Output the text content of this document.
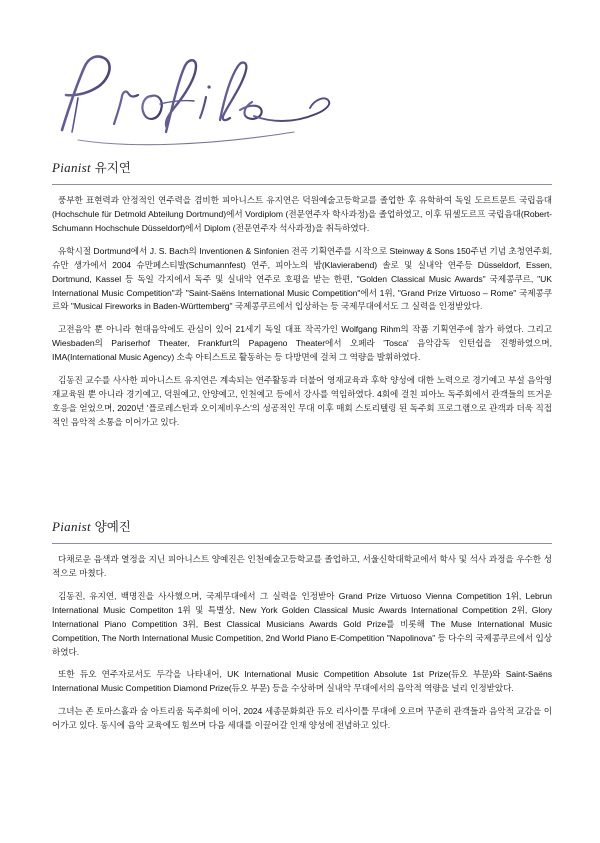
Pianist 유지연

풍부한 표현력과 안정적인 연주력을 겸비한 피아니스트 유지연은 덕원예술고등학교를 졸업한 후 유학하여 독일 도르트문트 국립음대 (Hochschule für Detmold Abteilung Dortmund)에서 Vordiplom (전문연주자 학사과정)을 졸업하였고, 이후 뒤셀도르프 국립음대(Robert-Schumann Hochschule Düsseldorf)에서 Diplom (전문연주자 석사과정)을 취득하였다.

유학시절 Dortmund에서 J. S. Bach의 Inventionen & Sinfonien 전곡 기획연주를 시작으로 Steinway & Sons 150주년 기념 초청연주회, 슈만 생가에서 2004 슈만페스티발(Schumannfest) 연주, 피아노의 밤(Klavierabend) 솔로 및 실내악 연주등 Düsseldorf, Essen, Dortmund, Kassel 등 독일 각지에서 독주 및 실내악 연주로 호평을 받는 한편, "Golden Classical Music Awards" 국제콩쿠르, "UK International Music Competition"과 "Saint-Saëns International Music Competition"에서 1위, "Grand Prize Virtuoso – Rome" 국제콩쿠르와 "Musical Fireworks in Baden-Württemberg" 국제콩쿠르에서 입상하는 등 국제무대에서도 그 실력을 인정받았다.

고전음악 뿐 아니라 현대음악에도 관심이 있어 21세기 독일 대표 작곡가인 Wolfgang Rihm의 작품 기획연주에 참가 하였다. 그리고 Wiesbaden의 Pariserhof Theater, Frankfurt의 Papageno Theater에서 오페라 'Tosca' 음악감독 인턴쉽을 진행하였으며, IMA(International Music Agency) 소속 아티스트로 활동하는 등 다방면에 걸쳐 그 역량을 발휘하였다.

김동진 교수를 사사한 피아니스트 유지연은 계속되는 연주활동과 더불어 영재교육과 후학 양성에 대한 노력으로 경기예고 부설 음악영재교육원 뿐 아니라 경기예고, 덕원예고, 안양예고, 인천예고 등에서 강사를 역임하였다. 4회에 걸친 피아노 독주회에서 관객들의 뜨거운 호응을 얻었으며, 2020년 '플로레스틴과 오이제비우스'의 성공적인 무대 이후 매회 스토리텔링 된 독주회 프로그램으로 관객과 더욱 직접적인 음악적 소통을 이어가고 있다.

Pianist 양예진

다채로운 음색과 열정을 지닌 피아니스트 양예진은 인천예술고등학교를 졸업하고, 서울신학대학교에서 학사 및 석사 과정을 우수한 성적으로 마쳤다.

김동진, 유지연, 백명진을 사사했으며, 국제무대에서 그 실력을 인정받아 Grand Prize Virtuoso Vienna Competition 1위, Lebrun International Music Competiton 1위 및 특별상, New York Golden Classical Music Awards International Competition 2위, Glory International Piano Competition 3위, Best Classical Musicians Awards Gold Prize를 비롯해 The Muse International Music Competition, The North International Music Competition, 2nd World Piano E-Competition "Napolinova" 등 다수의 국제콩쿠르에서 입상하였다.

또한 듀오 연주자로서도 두각을 나타내어, UK International Music Competition Absolute 1st Prize(듀오 부문)와 Saint-Saëns International Music Competition Diamond Prize(듀오 부문) 등을 수상하며 실내악 무대에서의 음악적 역량을 널리 인정받았다.

그녀는 존 토마스홀과 숨 아트리움 독주회에 이어, 2024 세종문화회관 듀오 리사이틀 무대에 오르며 꾸준히 관객들과 음악적 교감을 이어가고 있다. 동시에 음악 교육에도 힘쓰며 다음 세대를 이끌어갈 인재 양성에 전념하고 있다.
